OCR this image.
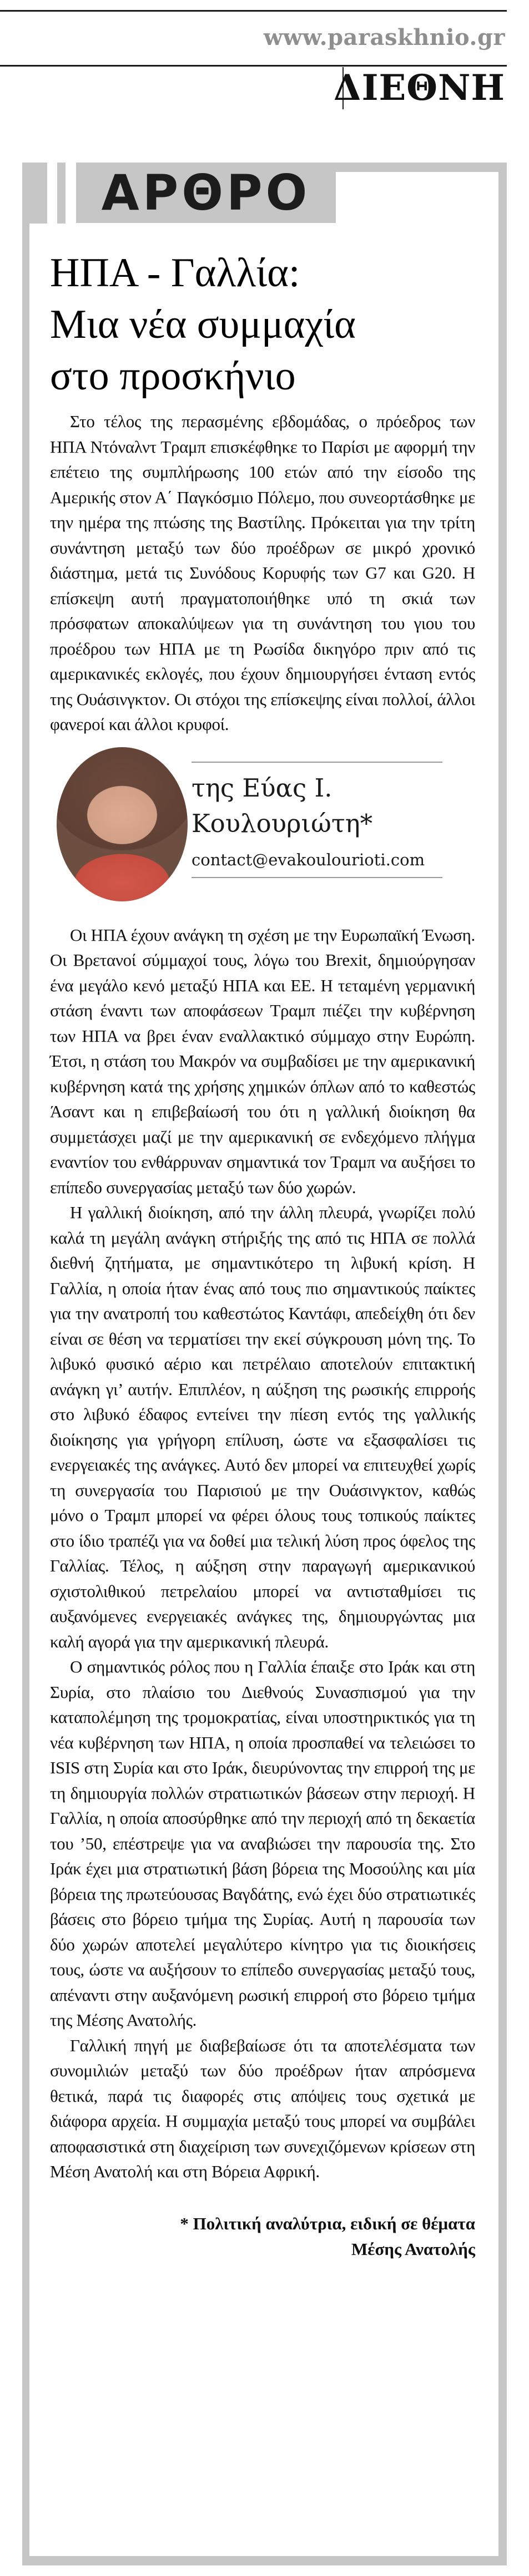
www.paraskhnio.gr
ΔΙΕΘΝΗ
ΑΡΘΡΟ
ΗΠΑ - Γαλλία:
Μια νέα συμμαχία
στο προσκήνιο

Στο τέλος της περασμένης εβδομάδας, ο πρόεδρος των ΗΠΑ Ντόναλντ Τραμπ επισκέφθηκε το Παρίσι με αφορμή την επέτειο της συμπλήρωσης 100 ετών από την είσοδο της Αμερικής στον Α΄ Παγκόσμιο Πόλεμο, που συνεορτάσθηκε με την ημέρα της πτώσης της Βαστίλης. Πρόκειται για την τρίτη συνάντηση μεταξύ των δύο προέδρων σε μικρό χρονικό διάστημα, μετά τις Συνόδους Κορυφής των G7 και G20. Η επίσκεψη αυτή πραγματοποιήθηκε υπό τη σκιά των πρόσφατων αποκαλύψεων για τη συνάντηση του γιου του προέδρου των ΗΠΑ με τη Ρωσίδα δικηγόρο πριν από τις αμερικανικές εκλογές, που έχουν δημιουργήσει ένταση εντός της Ουάσινγκτον. Οι στόχοι της επίσκεψης είναι πολλοί, άλλοι φανεροί και άλλοι κρυφοί.

της Εύας Ι.
Κουλουριώτη*
contact@evakoulourioti.com

Οι ΗΠΑ έχουν ανάγκη τη σχέση με την Ευρωπαϊκή Ένωση. Οι Βρετανοί σύμμαχοί τους, λόγω του Brexit, δημιούργησαν ένα μεγάλο κενό μεταξύ ΗΠΑ και ΕΕ. Η τεταμένη γερμανική στάση έναντι των αποφάσεων Τραμπ πιέζει την κυβέρνηση των ΗΠΑ να βρει έναν εναλλακτικό σύμμαχο στην Ευρώπη. Έτσι, η στάση του Μακρόν να συμβαδίσει με την αμερικανική κυβέρνηση κατά της χρήσης χημικών όπλων από το καθεστώς Άσαντ και η επιβεβαίωσή του ότι η γαλλική διοίκηση θα συμμετάσχει μαζί με την αμερικανική σε ενδεχόμενο πλήγμα εναντίον του ενθάρρυναν σημαντικά τον Τραμπ να αυξήσει το επίπεδο συνεργασίας μεταξύ των δύο χωρών.

Η γαλλική διοίκηση, από την άλλη πλευρά, γνωρίζει πολύ καλά τη μεγάλη ανάγκη στήριξής της από τις ΗΠΑ σε πολλά διεθνή ζητήματα, με σημαντικότερο τη λιβυκή κρίση. Η Γαλλία, η οποία ήταν ένας από τους πιο σημαντικούς παίκτες για την ανατροπή του καθεστώτος Καντάφι, απεδείχθη ότι δεν είναι σε θέση να τερματίσει την εκεί σύγκρουση μόνη της. Το λιβυκό φυσικό αέριο και πετρέλαιο αποτελούν επιτακτική ανάγκη γι’ αυτήν. Επιπλέον, η αύξηση της ρωσικής επιρροής στο λιβυκό έδαφος εντείνει την πίεση εντός της γαλλικής διοίκησης για γρήγορη επίλυση, ώστε να εξασφαλίσει τις ενεργειακές της ανάγκες. Αυτό δεν μπορεί να επιτευχθεί χωρίς τη συνεργασία του Παρισιού με την Ουάσινγκτον, καθώς μόνο ο Τραμπ μπορεί να φέρει όλους τους τοπικούς παίκτες στο ίδιο τραπέζι για να δοθεί μια τελική λύση προς όφελος της Γαλλίας. Τέλος, η αύξηση στην παραγωγή αμερικανικού σχιστολιθικού πετρελαίου μπορεί να αντισταθμίσει τις αυξανόμενες ενεργειακές ανάγκες της, δημιουργώντας μια καλή αγορά για την αμερικανική πλευρά.

Ο σημαντικός ρόλος που η Γαλλία έπαιξε στο Ιράκ και στη Συρία, στο πλαίσιο του Διεθνούς Συνασπισμού για την καταπολέμηση της τρομοκρατίας, είναι υποστηρικτικός για τη νέα κυβέρνηση των ΗΠΑ, η οποία προσπαθεί να τελειώσει το ISIS στη Συρία και στο Ιράκ, διευρύνοντας την επιρροή της με τη δημιουργία πολλών στρατιωτικών βάσεων στην περιοχή. Η Γαλλία, η οποία αποσύρθηκε από την περιοχή από τη δεκαετία του ’50, επέστρεψε για να αναβιώσει την παρουσία της. Στο Ιράκ έχει μια στρατιωτική βάση βόρεια της Μοσούλης και μία βόρεια της πρωτεύουσας Βαγδάτης, ενώ έχει δύο στρατιωτικές βάσεις στο βόρειο τμήμα της Συρίας. Αυτή η παρουσία των δύο χωρών αποτελεί μεγαλύτερο κίνητρο για τις διοικήσεις τους, ώστε να αυξήσουν το επίπεδο συνεργασίας μεταξύ τους, απέναντι στην αυξανόμενη ρωσική επιρροή στο βόρειο τμήμα της Μέσης Ανατολής.

Γαλλική πηγή με διαβεβαίωσε ότι τα αποτελέσματα των συνομιλιών μεταξύ των δύο προέδρων ήταν απρόσμενα θετικά, παρά τις διαφορές στις απόψεις τους σχετικά με διάφορα αρχεία. Η συμμαχία μεταξύ τους μπορεί να συμβάλει αποφασιστικά στη διαχείριση των συνεχιζόμενων κρίσεων στη Μέση Ανατολή και στη Βόρεια Αφρική.

* Πολιτική αναλύτρια, ειδική σε θέματα
Μέσης Ανατολής
